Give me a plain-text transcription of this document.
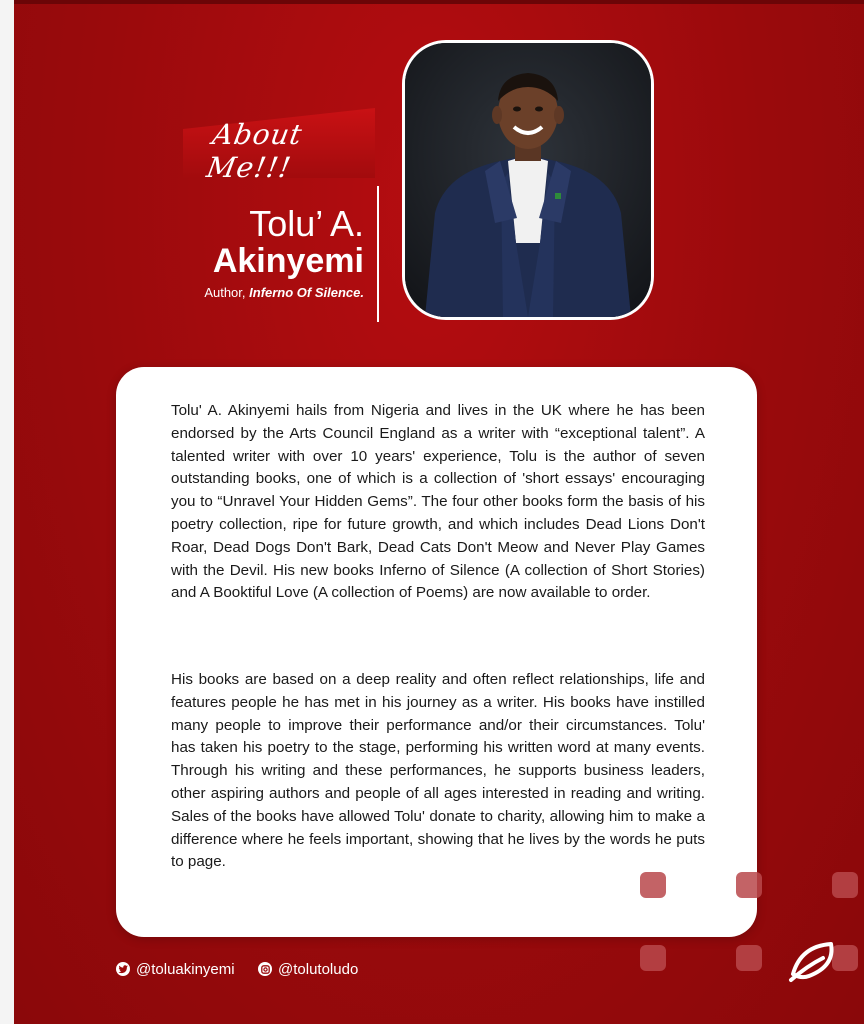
About Me!!!
Tolu’ A.
Akinyemi
Author, Inferno Of Silence.

Tolu' A. Akinyemi hails from Nigeria and lives in the UK where he has been endorsed by the Arts Council England as a writer with “exceptional talent”. A talented writer with over 10 years' experience, Tolu is the author of seven outstanding books, one of which is a collection of 'short essays' encouraging you to “Unravel Your Hidden Gems”. The four other books form the basis of his poetry collection, ripe for future growth, and which includes Dead Lions Don't Roar, Dead Dogs Don't Bark, Dead Cats Don't Meow and Never Play Games with the Devil. His new books Inferno of Silence (A collection of Short Stories) and A Booktiful Love (A collection of Poems) are now available to order.

His books are based on a deep reality and often reflect relationships, life and features people he has met in his journey as a writer. His books have instilled many people to improve their performance and/or their circumstances. Tolu' has taken his poetry to the stage, performing his written word at many events. Through his writing and these performances, he supports business leaders, other aspiring authors and people of all ages interested in reading and writing. Sales of the books have allowed Tolu' donate to charity, allowing him to make a difference where he feels important, showing that he lives by the words he puts to page.

@toluakinyemi	@tolutoludo
